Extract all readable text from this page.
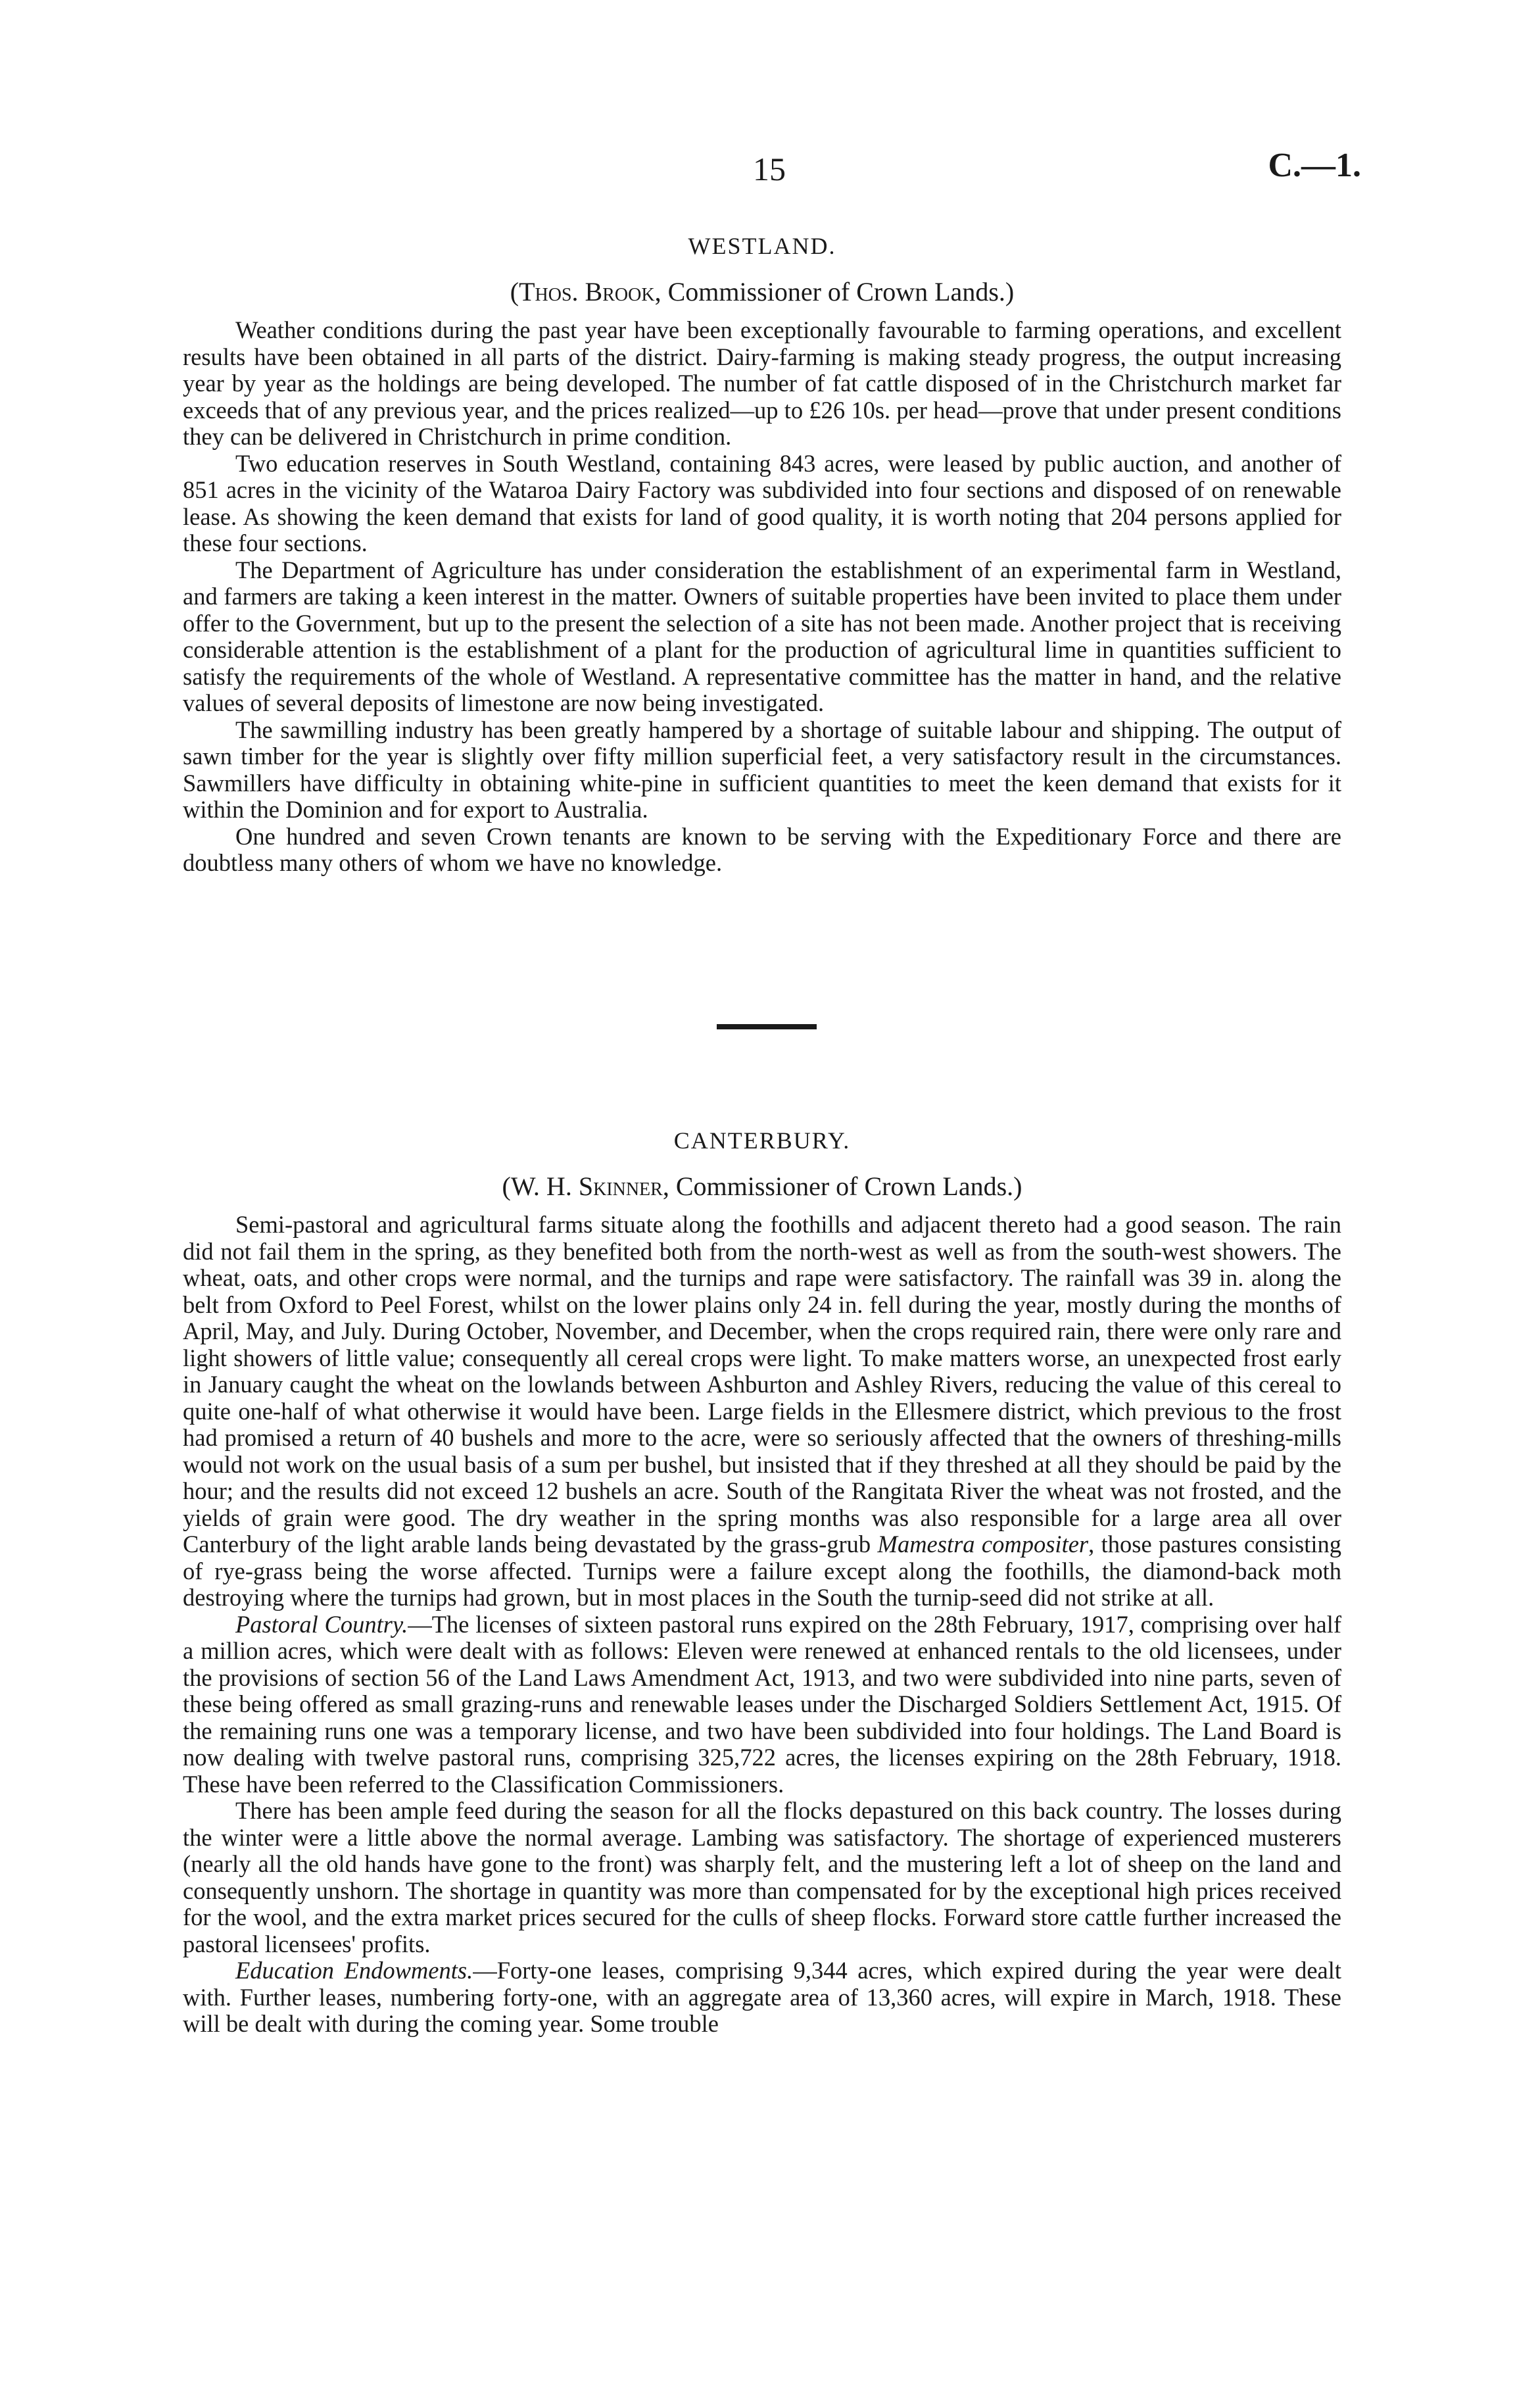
15	C.—1.
WESTLAND.
(Thos. Brook, Commissioner of Crown Lands.)

Weather conditions during the past year have been exceptionally favourable to farming operations, and excellent results have been obtained in all parts of the district. Dairy-farming is making steady progress, the output increasing year by year as the holdings are being developed. The number of fat cattle disposed of in the Christchurch market far exceeds that of any previous year, and the prices realized—up to £26 10s. per head—prove that under present conditions they can be delivered in Christchurch in prime condition.

Two education reserves in South Westland, containing 843 acres, were leased by public auction, and another of 851 acres in the vicinity of the Wataroa Dairy Factory was subdivided into four sections and disposed of on renewable lease. As showing the keen demand that exists for land of good quality, it is worth noting that 204 persons applied for these four sections.

The Department of Agriculture has under consideration the establishment of an experimental farm in Westland, and farmers are taking a keen interest in the matter. Owners of suitable properties have been invited to place them under offer to the Government, but up to the present the selection of a site has not been made. Another project that is receiving considerable attention is the establishment of a plant for the production of agricultural lime in quantities sufficient to satisfy the requirements of the whole of Westland. A representative committee has the matter in hand, and the relative values of several deposits of limestone are now being investigated.

The sawmilling industry has been greatly hampered by a shortage of suitable labour and shipping. The output of sawn timber for the year is slightly over fifty million superficial feet, a very satisfactory result in the circumstances. Sawmillers have difficulty in obtaining white-pine in sufficient quantities to meet the keen demand that exists for it within the Dominion and for export to Australia.

One hundred and seven Crown tenants are known to be serving with the Expeditionary Force and there are doubtless many others of whom we have no knowledge.

CANTERBURY.
(W. H. Skinner, Commissioner of Crown Lands.)

Semi-pastoral and agricultural farms situate along the foothills and adjacent thereto had a good season. The rain did not fail them in the spring, as they benefited both from the north-west as well as from the south-west showers. The wheat, oats, and other crops were normal, and the turnips and rape were satisfactory. The rainfall was 39 in. along the belt from Oxford to Peel Forest, whilst on the lower plains only 24 in. fell during the year, mostly during the months of April, May, and July. During October, November, and December, when the crops required rain, there were only rare and light showers of little value; consequently all cereal crops were light. To make matters worse, an unexpected frost early in January caught the wheat on the lowlands between Ashburton and Ashley Rivers, reducing the value of this cereal to quite one-half of what otherwise it would have been. Large fields in the Ellesmere district, which previous to the frost had promised a return of 40 bushels and more to the acre, were so seriously affected that the owners of threshing-mills would not work on the usual basis of a sum per bushel, but insisted that if they threshed at all they should be paid by the hour; and the results did not exceed 12 bushels an acre. South of the Rangitata River the wheat was not frosted, and the yields of grain were good. The dry weather in the spring months was also responsible for a large area all over Canterbury of the light arable lands being devastated by the grass-grub Mamestra compositer, those pastures consisting of rye-grass being the worse affected. Turnips were a failure except along the foothills, the diamond-back moth destroying where the turnips had grown, but in most places in the South the turnip-seed did not strike at all.

Pastoral Country.—The licenses of sixteen pastoral runs expired on the 28th February, 1917, comprising over half a million acres, which were dealt with as follows: Eleven were renewed at enhanced rentals to the old licensees, under the provisions of section 56 of the Land Laws Amendment Act, 1913, and two were subdivided into nine parts, seven of these being offered as small grazing-runs and renewable leases under the Discharged Soldiers Settlement Act, 1915. Of the remaining runs one was a temporary license, and two have been subdivided into four holdings. The Land Board is now dealing with twelve pastoral runs, comprising 325,722 acres, the licenses expiring on the 28th February, 1918. These have been referred to the Classification Commissioners.

There has been ample feed during the season for all the flocks depastured on this back country. The losses during the winter were a little above the normal average. Lambing was satisfactory. The shortage of experienced musterers (nearly all the old hands have gone to the front) was sharply felt, and the mustering left a lot of sheep on the land and consequently unshorn. The shortage in quantity was more than compensated for by the exceptional high prices received for the wool, and the extra market prices secured for the culls of sheep flocks. Forward store cattle further increased the pastoral licensees' profits.

Education Endowments.—Forty-one leases, comprising 9,344 acres, which expired during the year were dealt with. Further leases, numbering forty-one, with an aggregate area of 13,360 acres, will expire in March, 1918. These will be dealt with during the coming year. Some trouble
